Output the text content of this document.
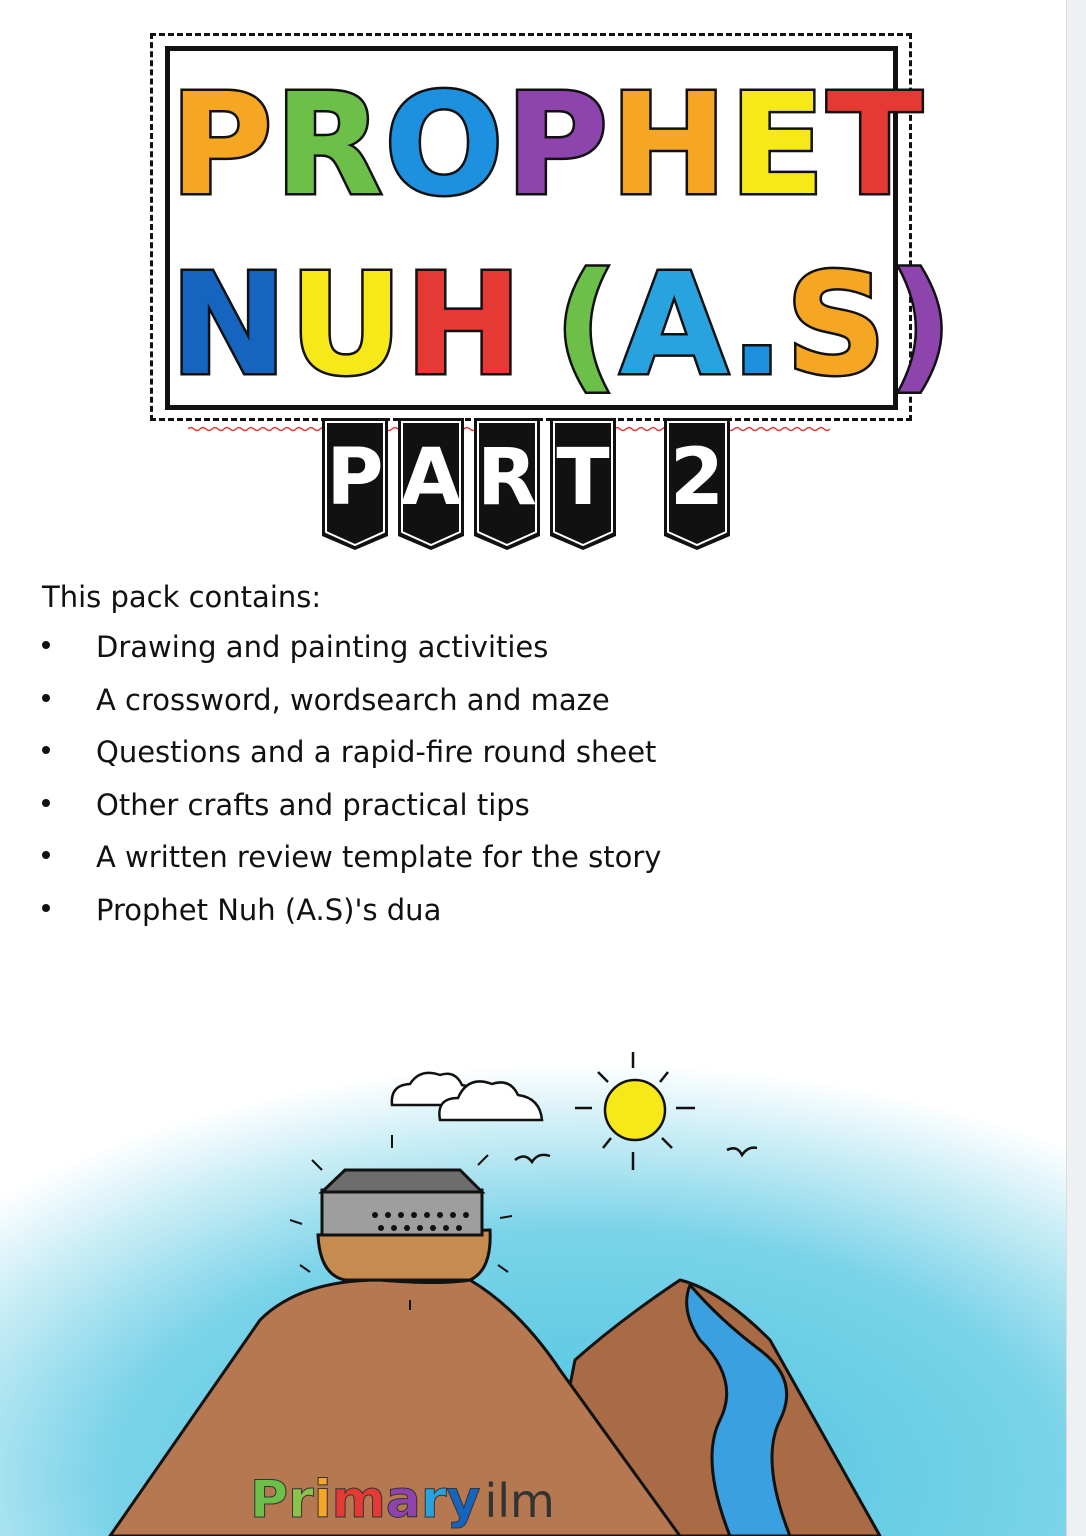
PROPHET
NUH (A.S)
P A R T 2
This pack contains:
Drawing and painting activities
A crossword, wordsearch and maze
Questions and a rapid-fire round sheet
Other crafts and practical tips
A written review template for the story
Prophet Nuh (A.S)'s dua
Primaryilm
